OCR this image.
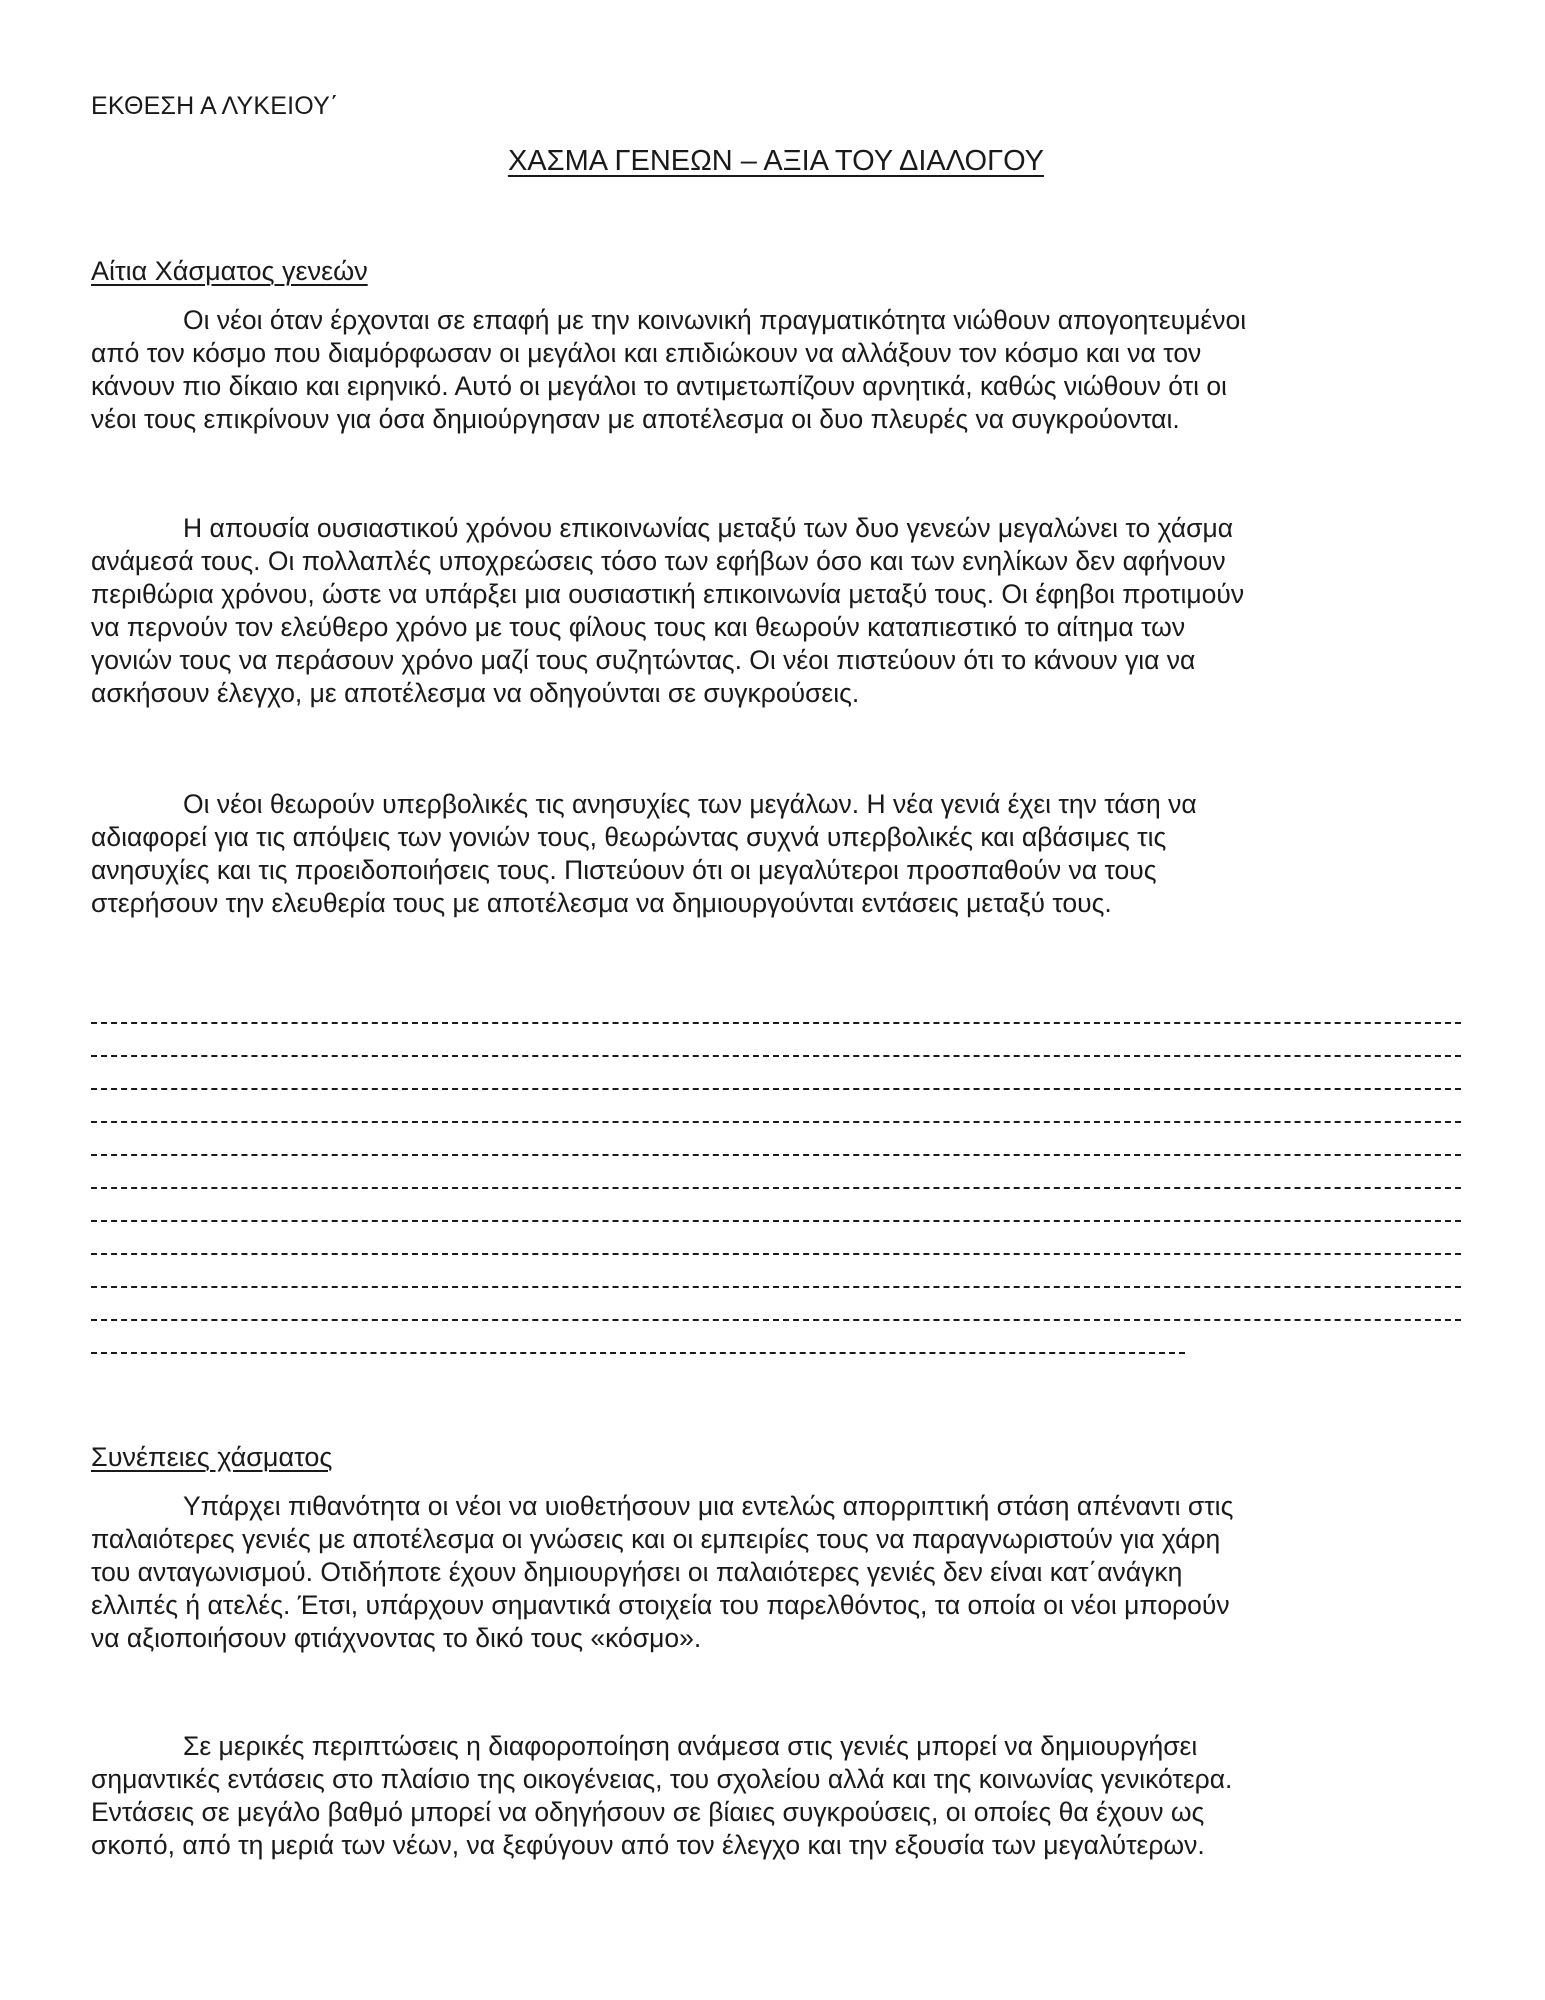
ΕΚΘΕΣΗ Α ΛΥΚΕΙΟΥ΄
ΧΑΣΜΑ ΓΕΝΕΩΝ – ΑΞΙΑ ΤΟΥ ΔΙΑΛΟΓΟΥ
Αίτια Χάσματος γενεών

Οι νέοι όταν έρχονται σε επαφή με την κοινωνική πραγματικότητα νιώθουν απογοητευμένοι
από τον κόσμο που διαμόρφωσαν οι μεγάλοι και επιδιώκουν να αλλάξουν τον κόσμο και να τον
κάνουν πιο δίκαιο και ειρηνικό. Αυτό οι μεγάλοι το αντιμετωπίζουν αρνητικά, καθώς νιώθουν ότι οι
νέοι τους επικρίνουν για όσα δημιούργησαν με αποτέλεσμα οι δυο πλευρές να συγκρούονται.

Η απουσία ουσιαστικού χρόνου επικοινωνίας μεταξύ των δυο γενεών μεγαλώνει το χάσμα
ανάμεσά τους. Οι πολλαπλές υποχρεώσεις τόσο των εφήβων όσο και των ενηλίκων δεν αφήνουν
περιθώρια χρόνου, ώστε να υπάρξει μια ουσιαστική επικοινωνία μεταξύ τους. Οι έφηβοι προτιμούν
να περνούν τον ελεύθερο χρόνο με τους φίλους τους και θεωρούν καταπιεστικό το αίτημα των
γονιών τους να περάσουν χρόνο μαζί τους συζητώντας. Οι νέοι πιστεύουν ότι το κάνουν για να
ασκήσουν έλεγχο, με αποτέλεσμα να οδηγούνται σε συγκρούσεις.

Οι νέοι θεωρούν υπερβολικές τις ανησυχίες των μεγάλων. Η νέα γενιά έχει την τάση να
αδιαφορεί για τις απόψεις των γονιών τους, θεωρώντας συχνά υπερβολικές και αβάσιμες τις
ανησυχίες και τις προειδοποιήσεις τους. Πιστεύουν ότι οι μεγαλύτεροι προσπαθούν να τους
στερήσουν την ελευθερία τους με αποτέλεσμα να δημιουργούνται εντάσεις μεταξύ τους.

Συνέπειες χάσματος

Υπάρχει πιθανότητα οι νέοι να υιοθετήσουν μια εντελώς απορριπτική στάση απέναντι στις
παλαιότερες γενιές με αποτέλεσμα οι γνώσεις και οι εμπειρίες τους να παραγνωριστούν για χάρη
του ανταγωνισμού. Οτιδήποτε έχουν δημιουργήσει οι παλαιότερες γενιές δεν είναι κατ΄ανάγκη
ελλιπές ή ατελές. Έτσι, υπάρχουν σημαντικά στοιχεία του παρελθόντος, τα οποία οι νέοι μπορούν
να αξιοποιήσουν φτιάχνοντας το δικό τους «κόσμο».

Σε μερικές περιπτώσεις η διαφοροποίηση ανάμεσα στις γενιές μπορεί να δημιουργήσει
σημαντικές εντάσεις στο πλαίσιο της οικογένειας, του σχολείου αλλά και της κοινωνίας γενικότερα.
Εντάσεις σε μεγάλο βαθμό μπορεί να οδηγήσουν σε βίαιες συγκρούσεις, οι οποίες θα έχουν ως
σκοπό, από τη μεριά των νέων, να ξεφύγουν από τον έλεγχο και την εξουσία των μεγαλύτερων.
